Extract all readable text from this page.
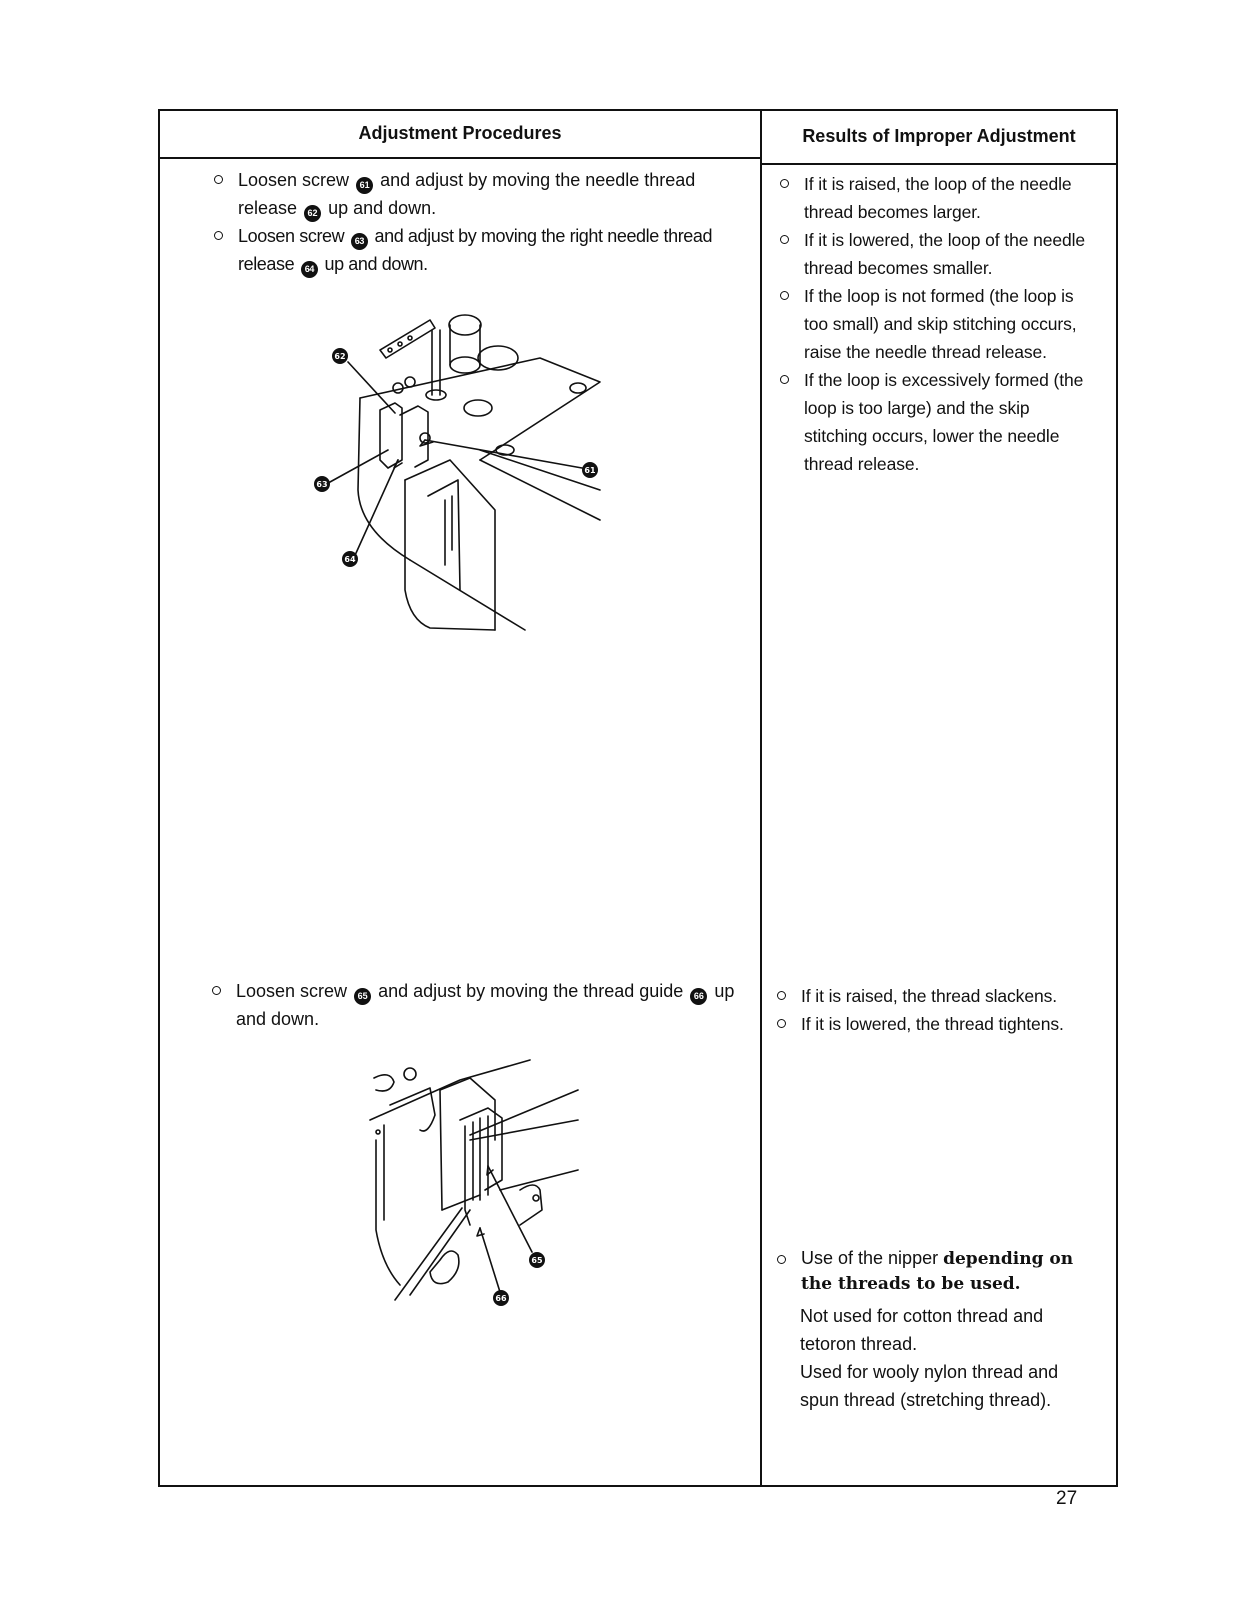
Adjustment Procedures	Results of Improper Adjustment
Loosen screw 61 and adjust by moving the needle thread release 62 up and down.
Loosen screw 63 and adjust by moving the right needle thread release 64 up and down.
If it is raised, the loop of the needle thread becomes larger.
If it is lowered, the loop of the needle thread becomes smaller.
If the loop is not formed (the loop is too small) and skip stitching occurs, raise the needle thread release.
If the loop is excessively formed (the loop is too large) and the skip stitching occurs, lower the needle thread release.
62
61
63
64
Loosen screw 65 and adjust by moving the thread guide 66 up and down.
If it is raised, the thread slackens.
If it is lowered, the thread tightens.
65
66
Use of the nipper depending on the threads to be used.

Not used for cotton thread and tetoron thread.

Used for wooly nylon thread and spun thread (stretching thread).

27
